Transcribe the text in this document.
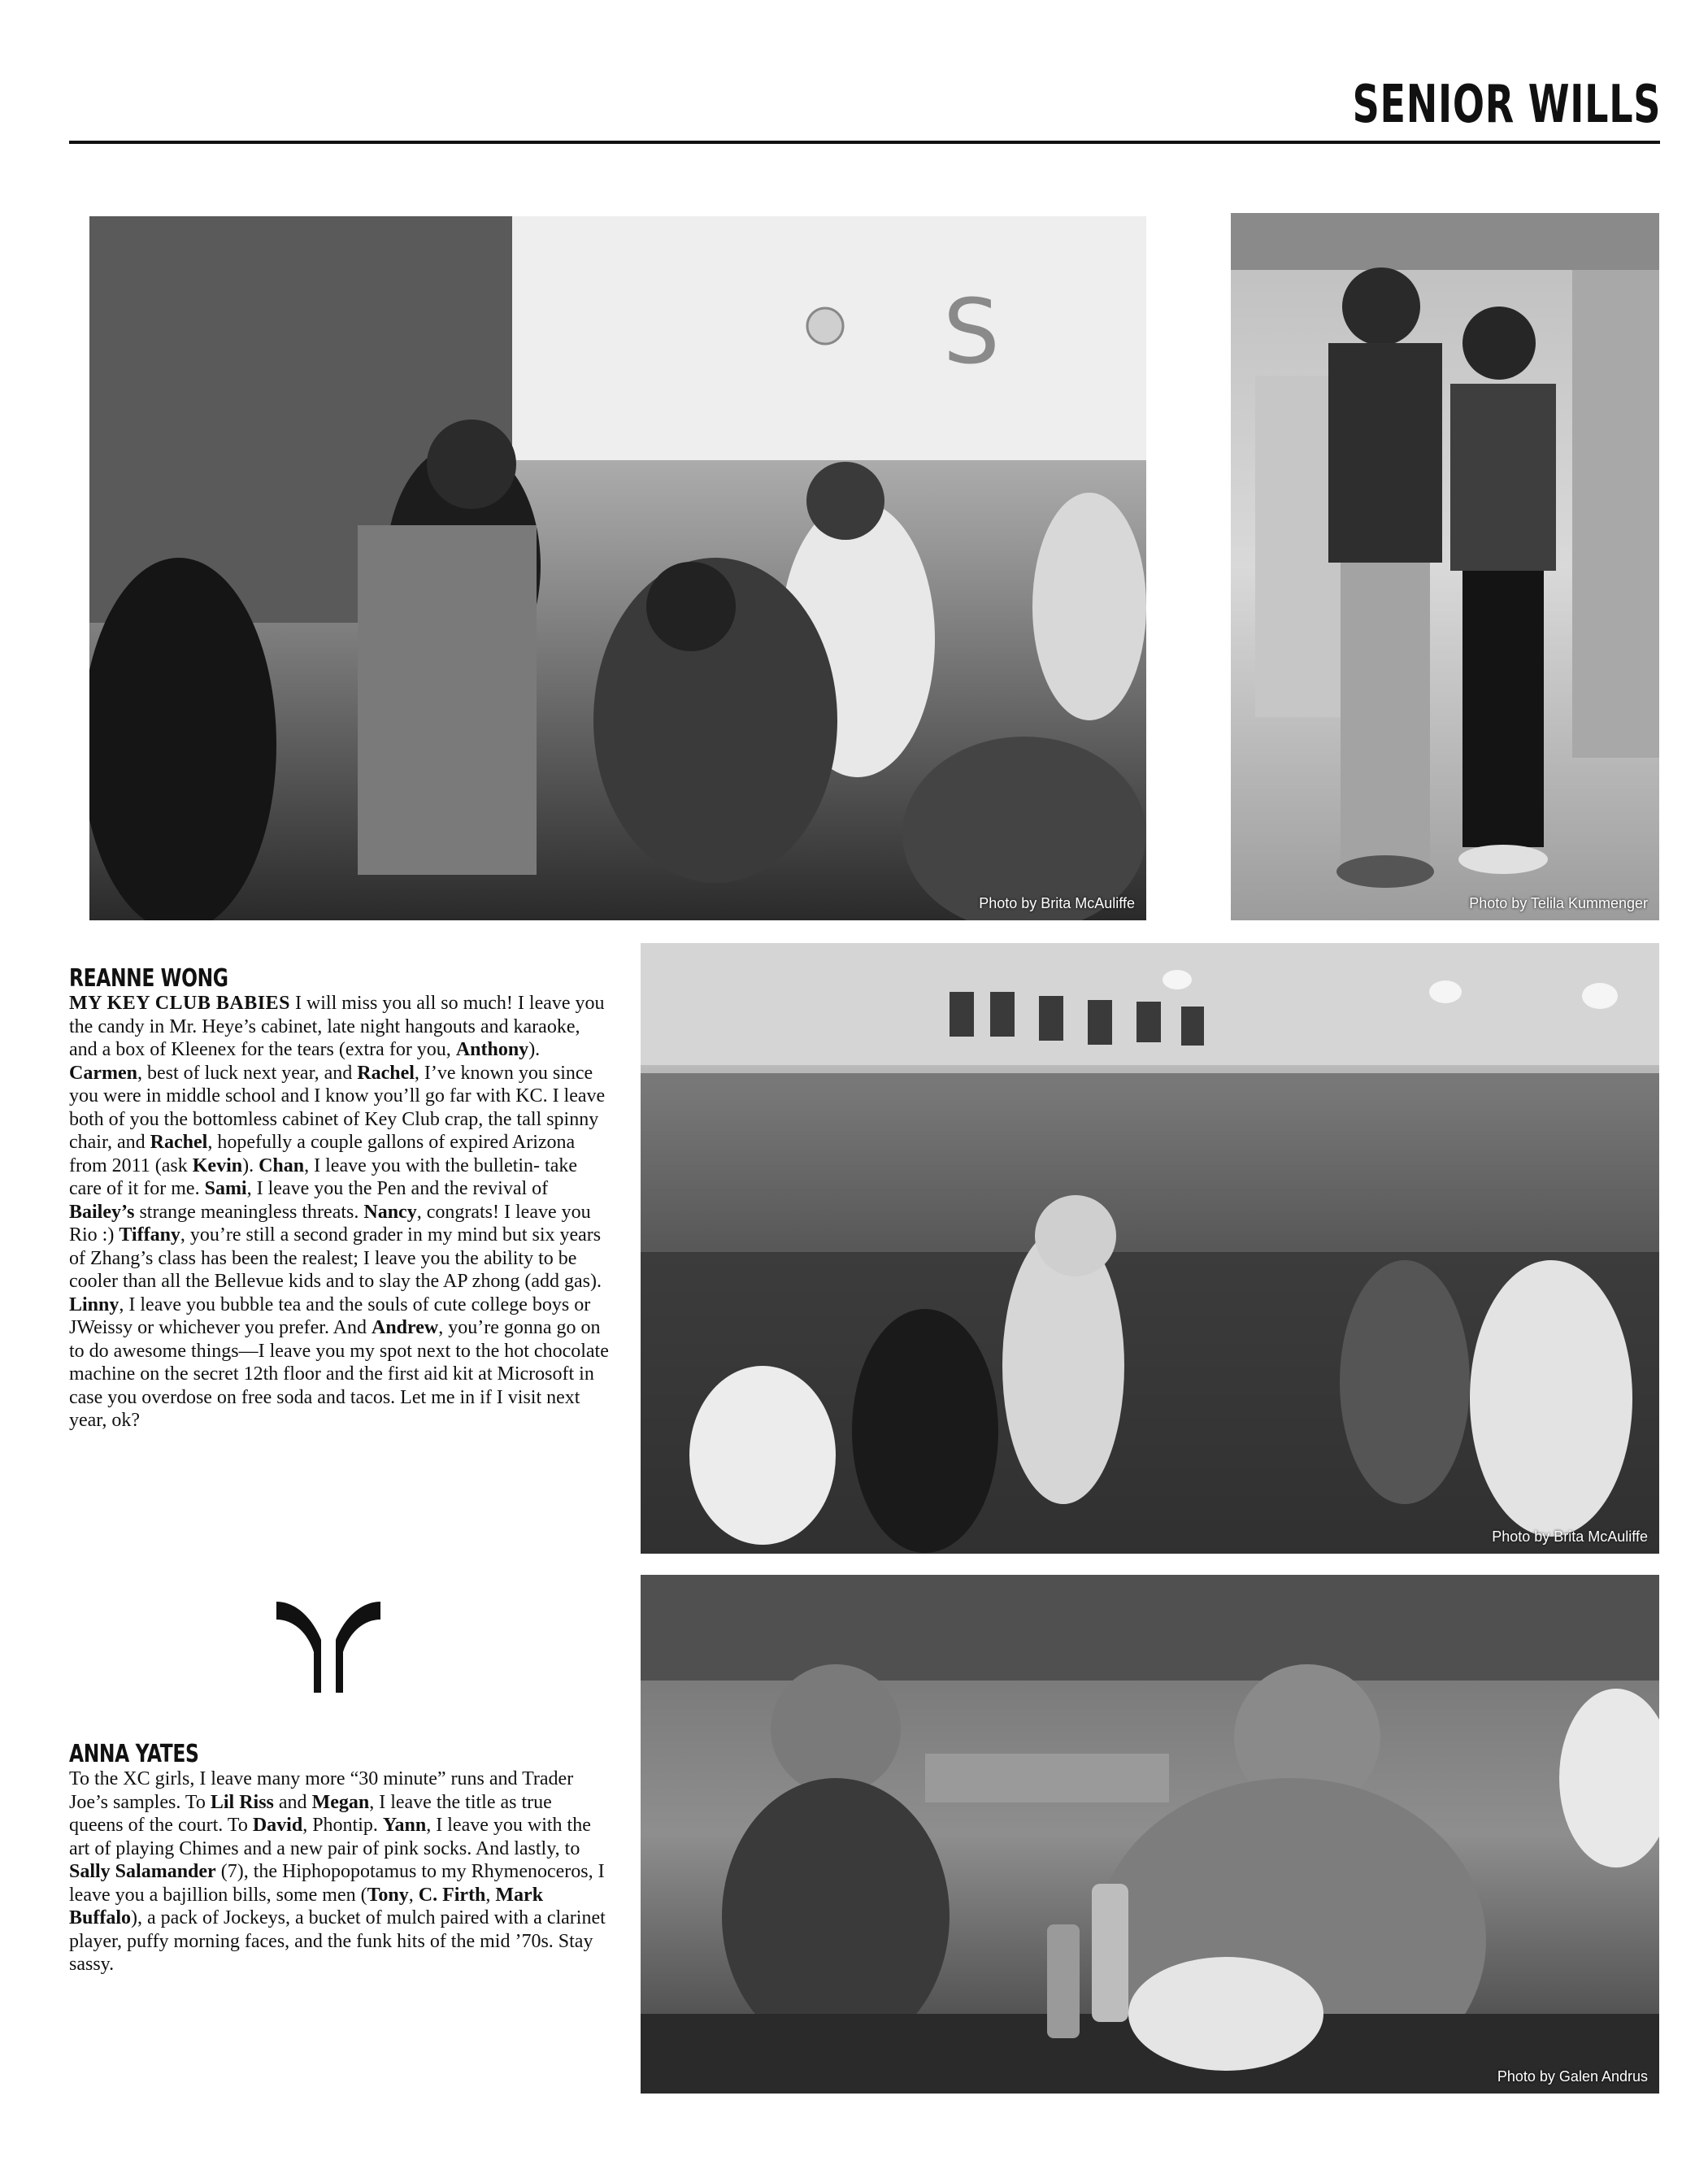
SENIOR WILLS
S
Photo by Brita McAuliffe	Photo by Telila Kummenger
Photo by Brita McAuliffe
Photo by Galen Andrus
REANNE WONG

MY KEY CLUB BABIES I will miss you all so much! I leave you the candy in Mr. Heye’s cabinet, late night hangouts and karaoke, and a box of Kleenex for the tears (extra for you, Anthony). Carmen, best of luck next year, and Rachel, I’ve known you since you were in middle school and I know you’ll go far with KC. I leave both of you the bottomless cabinet of Key Club crap, the tall spinny chair, and Rachel, hopefully a couple gallons of expired Arizona from 2011 (ask Kevin). Chan, I leave you with the bulletin- take care of it for me. Sami, I leave you the Pen and the revival of Bailey’s strange meaningless threats. Nancy, congrats! I leave you Rio :) Tiffany, you’re still a second grader in my mind but six years of Zhang’s class has been the realest; I leave you the ability to be cooler than all the Bellevue kids and to slay the AP zhong (add gas). Linny, I leave you bubble tea and the souls of cute college boys or JWeissy or whichever you prefer. And Andrew, you’re gonna go on to do awesome things—I leave you my spot next to the hot chocolate machine on the secret 12th floor and the first aid kit at Microsoft in case you overdose on free soda and tacos. Let me in if I visit next year, ok?

ANNA YATES

To the XC girls, I leave many more “30 minute” runs and Trader Joe’s samples. To Lil Riss and Megan, I leave the title as true queens of the court. To David, Phontip. Yann, I leave you with the art of playing Chimes and a new pair of pink socks. And lastly, to Sally Salamander (7), the Hiphopopotamus to my Rhymenoceros, I leave you a bajillion bills, some men (Tony, C. Firth, Mark Buffalo), a pack of Jockeys, a bucket of mulch paired with a clarinet player, puffy morning faces, and the funk hits of the mid ’70s. Stay sassy.
